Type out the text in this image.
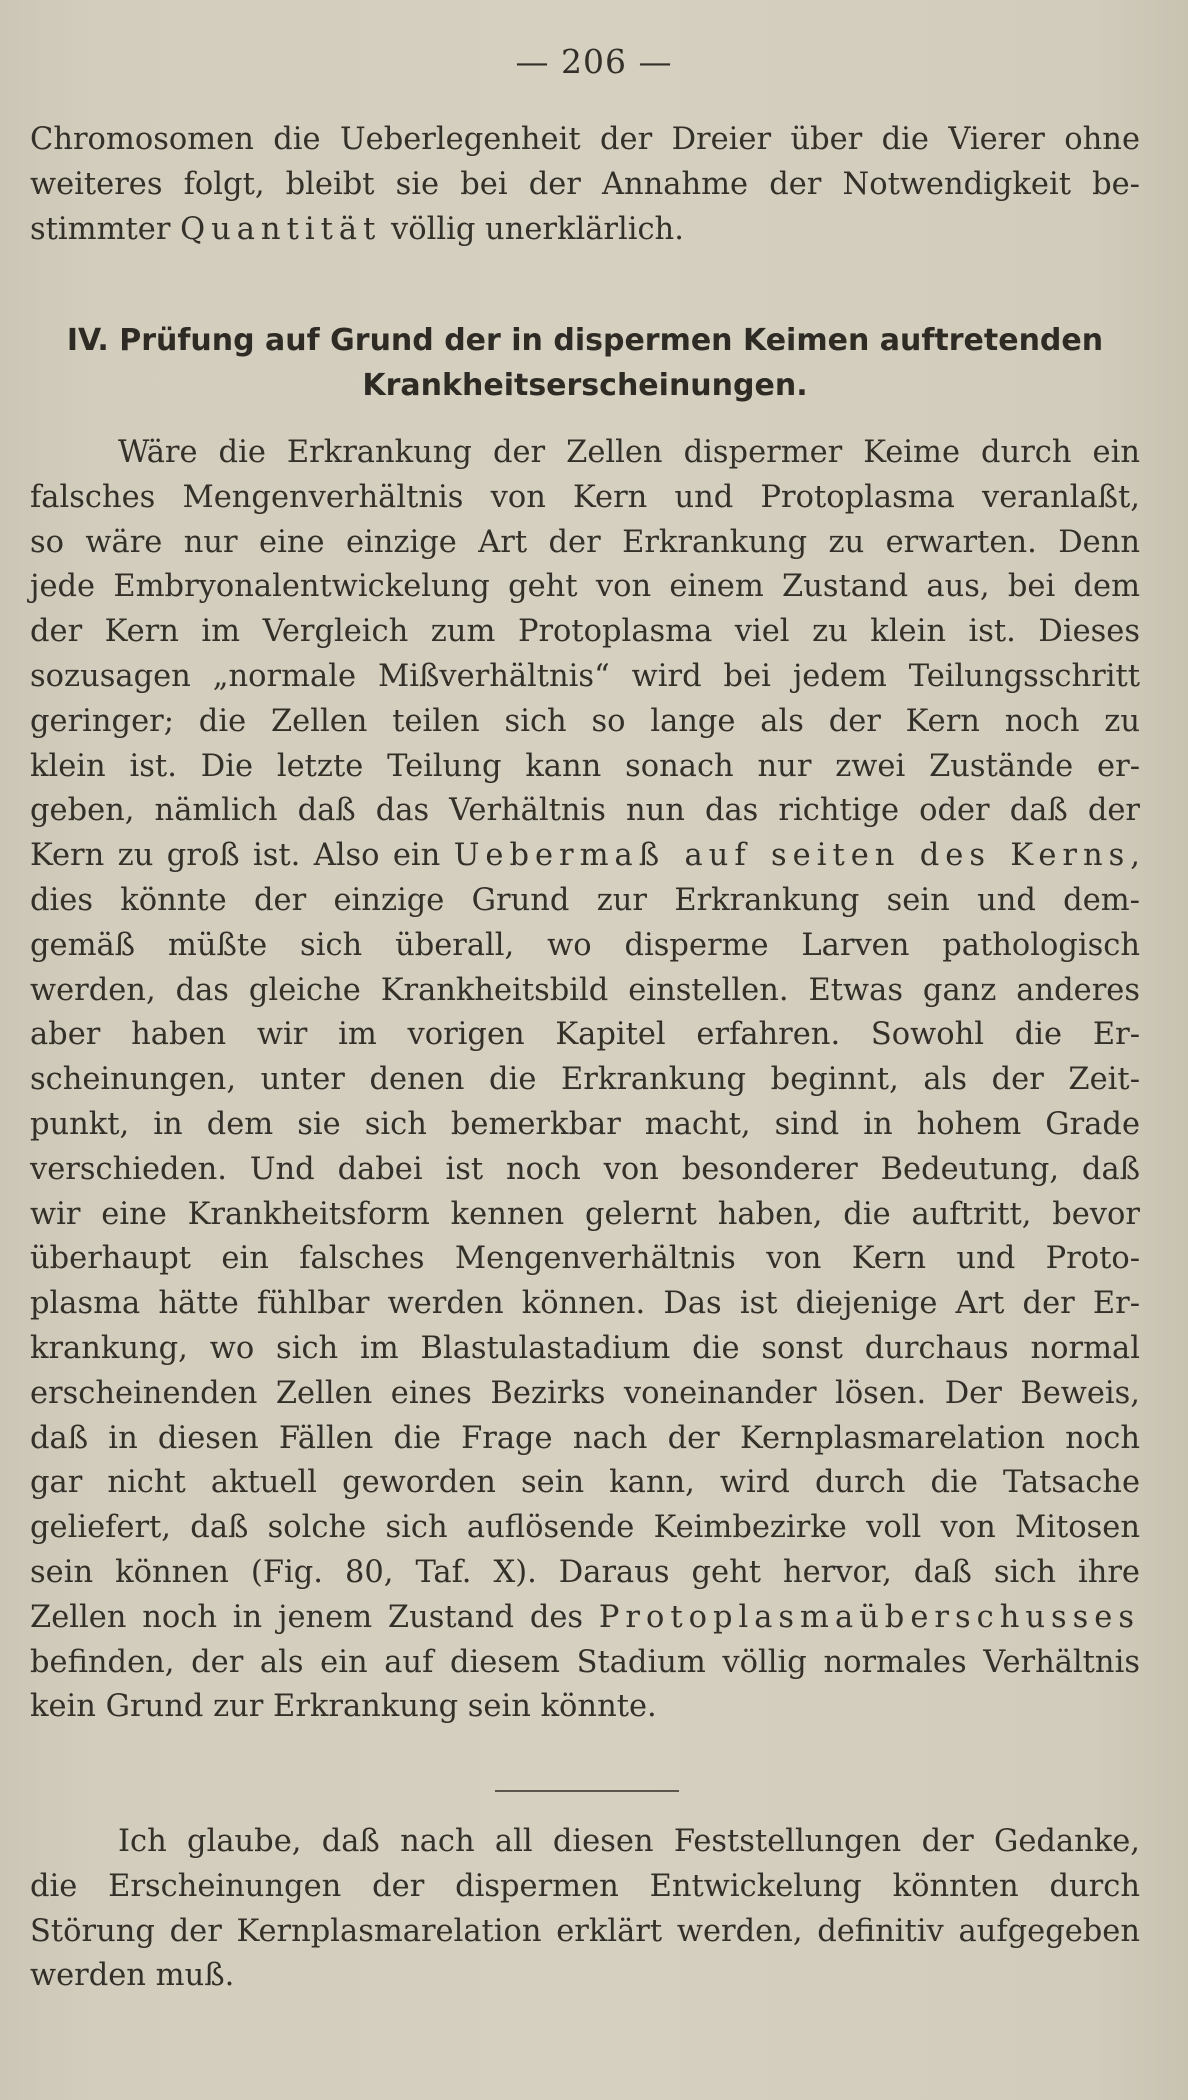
— 206 —
Chromosomen die Ueberlegenheit der Dreier über die Vierer ohne
weiteres folgt, bleibt sie bei der Annahme der Notwendigkeit be-
stimmter Quantität völlig unerklärlich.
IV. Prüfung auf Grund der in dispermen Keimen auftretenden
Krankheitserscheinungen.
Wäre die Erkrankung der Zellen dispermer Keime durch ein
falsches Mengenverhältnis von Kern und Protoplasma veranlaßt,
so wäre nur eine einzige Art der Erkrankung zu erwarten. Denn
jede Embryonalentwickelung geht von einem Zustand aus, bei dem
der Kern im Vergleich zum Protoplasma viel zu klein ist. Dieses
sozusagen „normale Mißverhältnis“ wird bei jedem Teilungsschritt
geringer; die Zellen teilen sich so lange als der Kern noch zu
klein ist. Die letzte Teilung kann sonach nur zwei Zustände er-
geben, nämlich daß das Verhältnis nun das richtige oder daß der
Kern zu groß ist. Also ein Uebermaß auf seiten des Kerns,
dies könnte der einzige Grund zur Erkrankung sein und dem-
gemäß müßte sich überall, wo disperme Larven pathologisch
werden, das gleiche Krankheitsbild einstellen. Etwas ganz anderes
aber haben wir im vorigen Kapitel erfahren. Sowohl die Er-
scheinungen, unter denen die Erkrankung beginnt, als der Zeit-
punkt, in dem sie sich bemerkbar macht, sind in hohem Grade
verschieden. Und dabei ist noch von besonderer Bedeutung, daß
wir eine Krankheitsform kennen gelernt haben, die auftritt, bevor
überhaupt ein falsches Mengenverhältnis von Kern und Proto-
plasma hätte fühlbar werden können. Das ist diejenige Art der Er-
krankung, wo sich im Blastulastadium die sonst durchaus normal
erscheinenden Zellen eines Bezirks voneinander lösen. Der Beweis,
daß in diesen Fällen die Frage nach der Kernplasmarelation noch
gar nicht aktuell geworden sein kann, wird durch die Tatsache
geliefert, daß solche sich auflösende Keimbezirke voll von Mitosen
sein können (Fig. 80, Taf. X). Daraus geht hervor, daß sich ihre
Zellen noch in jenem Zustand des Protoplasmaüberschusses
befinden, der als ein auf diesem Stadium völlig normales Verhältnis
kein Grund zur Erkrankung sein könnte.
Ich glaube, daß nach all diesen Feststellungen der Gedanke,
die Erscheinungen der dispermen Entwickelung könnten durch
Störung der Kernplasmarelation erklärt werden, definitiv aufgegeben
werden muß.
